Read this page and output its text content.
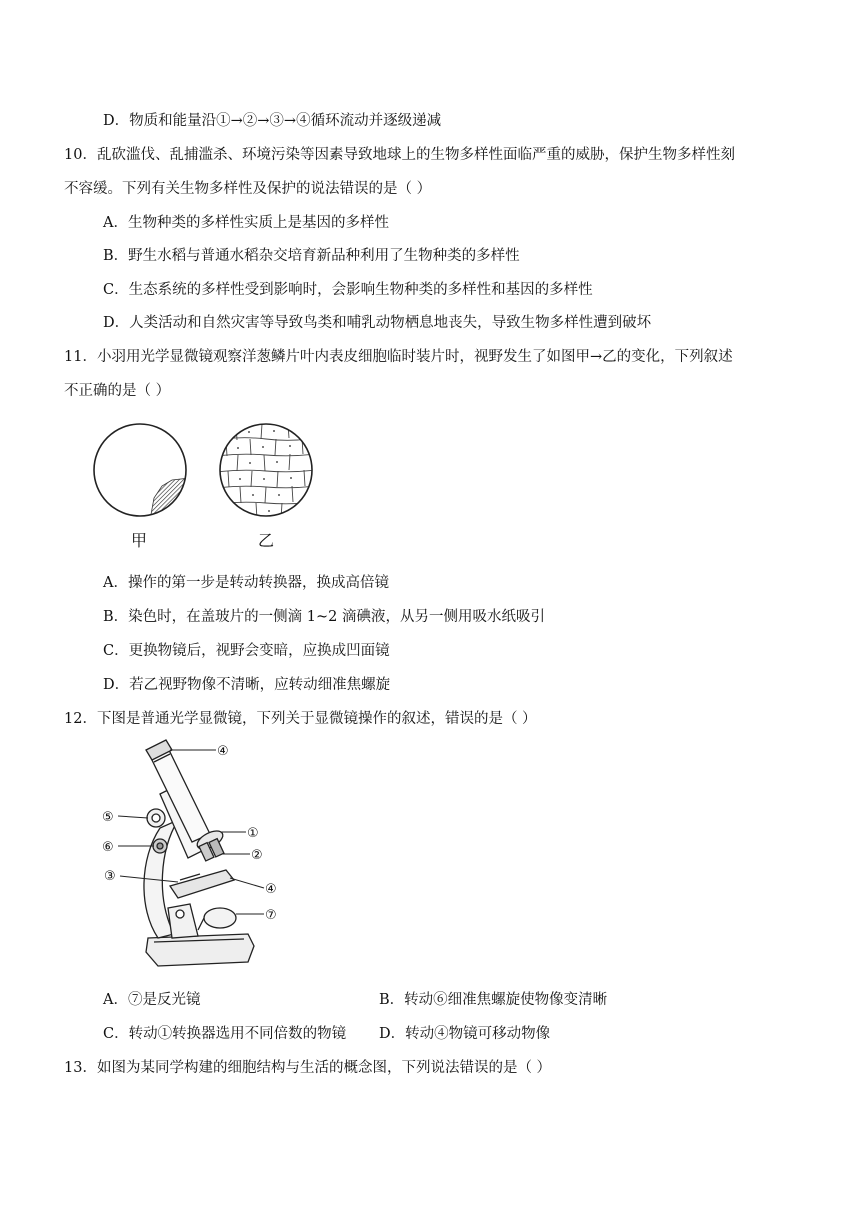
D．物质和能量沿①→②→③→④循环流动并逐级递减
10．乱砍滥伐、乱捕滥杀、环境污染等因素导致地球上的生物多样性面临严重的威胁，保护生物多样性刻
不容缓。下列有关生物多样性及保护的说法错误的是（ ）
A．生物种类的多样性实质上是基因的多样性
B．野生水稻与普通水稻杂交培育新品种利用了生物种类的多样性
C．生态系统的多样性受到影响时，会影响生物种类的多样性和基因的多样性
D．人类活动和自然灾害等导致鸟类和哺乳动物栖息地丧失，导致生物多样性遭到破坏
11．小羽用光学显微镜观察洋葱鳞片叶内表皮细胞临时装片时，视野发生了如图甲→乙的变化，下列叙述
不正确的是（ ）
甲	乙
A．操作的第一步是转动转换器，换成高倍镜
B．染色时，在盖玻片的一侧滴 1~2 滴碘液，从另一侧用吸水纸吸引
C．更换物镜后，视野会变暗，应换成凹面镜
D．若乙视野物像不清晰，应转动细准焦螺旋
12．下图是普通光学显微镜，下列关于显微镜操作的叙述，错误的是（ ）
④
⑤
①
⑥
②
③
④
⑦
A．⑦是反光镜	B．转动⑥细准焦螺旋使物像变清晰
C．转动①转换器选用不同倍数的物镜 D．转动④物镜可移动物像
13．如图为某同学构建的细胞结构与生活的概念图，下列说法错误的是（ ）
